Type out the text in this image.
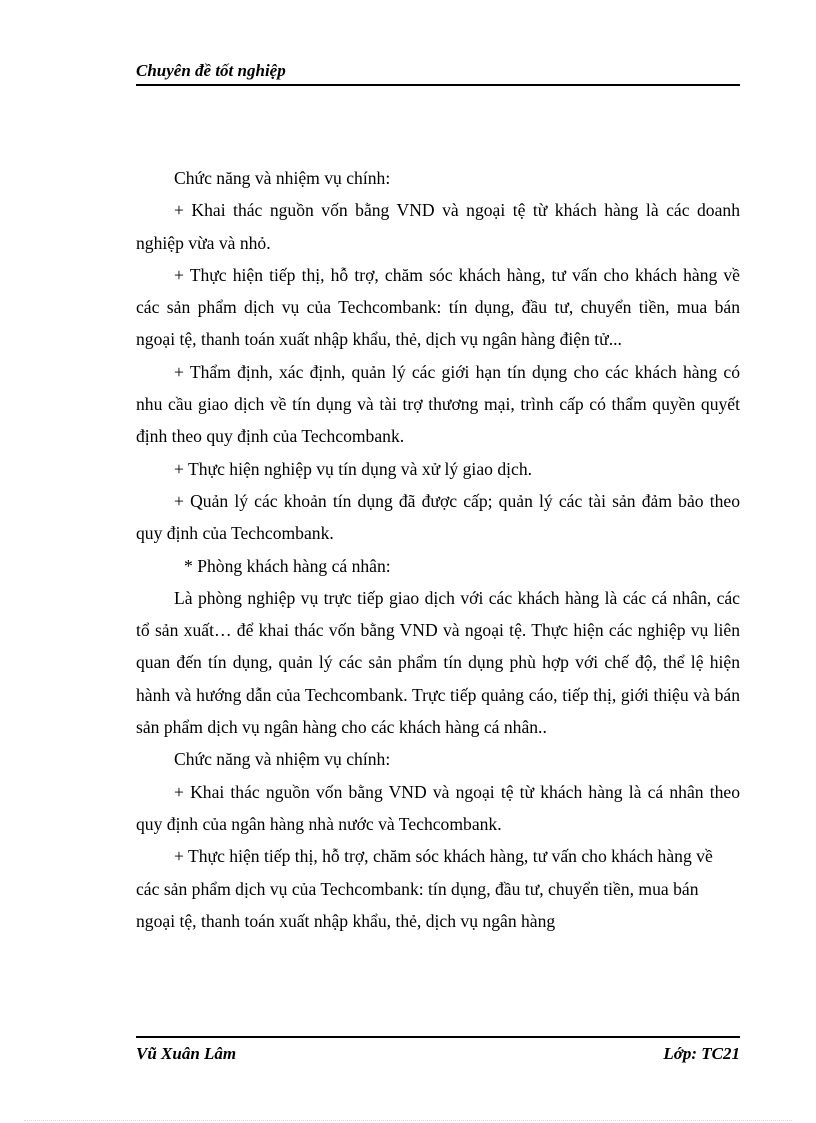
Chuyên đề tốt nghiệp

Chức năng và nhiệm vụ chính:

+ Khai thác nguồn vốn bằng VND và ngoại tệ từ khách hàng là các doanh nghiệp vừa và nhỏ.

+ Thực hiện tiếp thị, hỗ trợ, chăm sóc khách hàng, tư vấn cho khách hàng về các sản phẩm dịch vụ của Techcombank: tín dụng, đầu tư, chuyển tiền, mua bán ngoại tệ, thanh toán xuất nhập khẩu, thẻ, dịch vụ ngân hàng điện tử...

+ Thẩm định, xác định, quản lý các giới hạn tín dụng cho các khách hàng có nhu cầu giao dịch về tín dụng và tài trợ thương mại, trình cấp có thẩm quyền quyết định theo quy định của Techcombank.

+ Thực hiện nghiệp vụ tín dụng và xử lý giao dịch.

+ Quản lý các khoản tín dụng đã được cấp; quản lý các tài sản đảm bảo theo quy định của Techcombank.

* Phòng khách hàng cá nhân:

Là phòng nghiệp vụ trực tiếp giao dịch với các khách hàng là các cá nhân, các tổ sản xuất… để khai thác vốn bằng VND và ngoại tệ. Thực hiện các nghiệp vụ liên quan đến tín dụng, quản lý các sản phẩm tín dụng phù hợp với chế độ, thể lệ hiện hành và hướng dẫn của Techcombank. Trực tiếp quảng cáo, tiếp thị, giới thiệu và bán sản phẩm dịch vụ ngân hàng cho các khách hàng cá nhân..

Chức năng và nhiệm vụ chính:

+ Khai thác nguồn vốn bằng VND và ngoại tệ từ khách hàng là cá nhân theo quy định của ngân hàng nhà nước và Techcombank.

+ Thực hiện tiếp thị, hỗ trợ, chăm sóc khách hàng, tư vấn cho khách hàng về các sản phẩm dịch vụ của Techcombank: tín dụng, đầu tư, chuyển tiền, mua bán ngoại tệ, thanh toán xuất nhập khẩu, thẻ, dịch vụ ngân hàng

Vũ Xuân Lâm	Lớp: TC21
